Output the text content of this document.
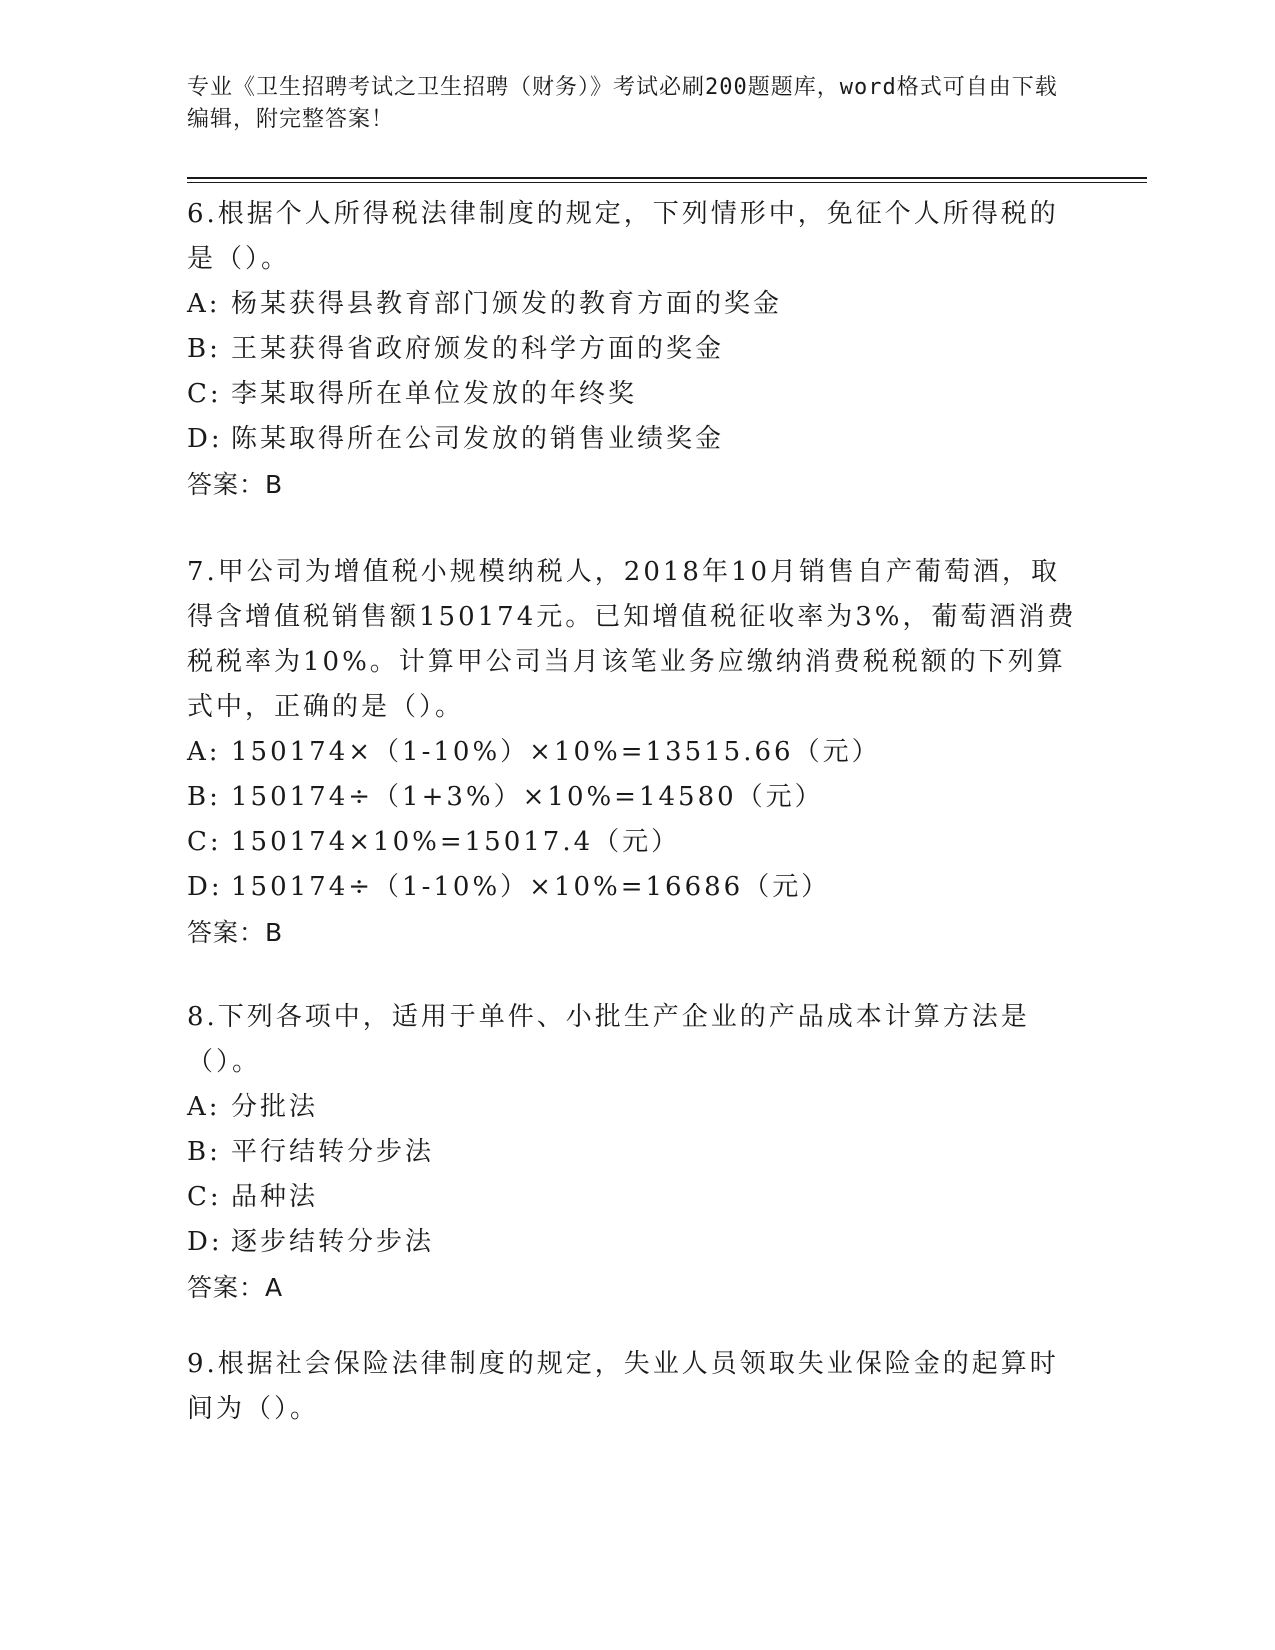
专业《卫生招聘考试之卫生招聘（财务）》考试必刷200题题库，word格式可自由下载编辑，附完整答案！

6.根据个人所得税法律制度的规定，下列情形中，免征个人所得税的是（）。

A: 杨某获得县教育部门颁发的教育方面的奖金

B: 王某获得省政府颁发的科学方面的奖金

C: 李某取得所在单位发放的年终奖

D: 陈某取得所在公司发放的销售业绩奖金

答案：B

7.甲公司为增值税小规模纳税人，2018年10月销售自产葡萄酒，取得含增值税销售额150174元。已知增值税征收率为3%，葡萄酒消费税税率为10%。计算甲公司当月该笔业务应缴纳消费税税额的下列算式中，正确的是（）。

A: 150174×（1-10%）×10%=13515.66（元）

B: 150174÷（1+3%）×10%=14580（元）

C: 150174×10%=15017.4（元）

D: 150174÷（1-10%）×10%=16686（元）

答案：B

8.下列各项中，适用于单件、小批生产企业的产品成本计算方法是（）。

A: 分批法

B: 平行结转分步法

C: 品种法

D: 逐步结转分步法

答案：A

9.根据社会保险法律制度的规定，失业人员领取失业保险金的起算时间为（）。
